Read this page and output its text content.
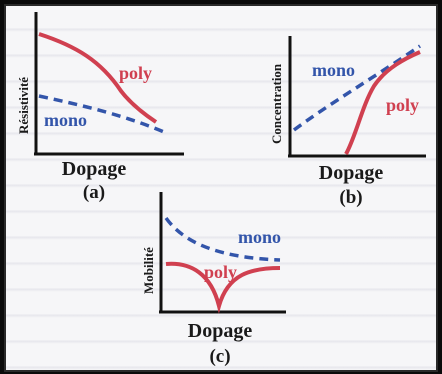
poly
mono
Résistivité
Dopage
(a)
mono
poly
Concentration
Dopage
(b)
mono
poly
Mobilité
Dopage
(c)
